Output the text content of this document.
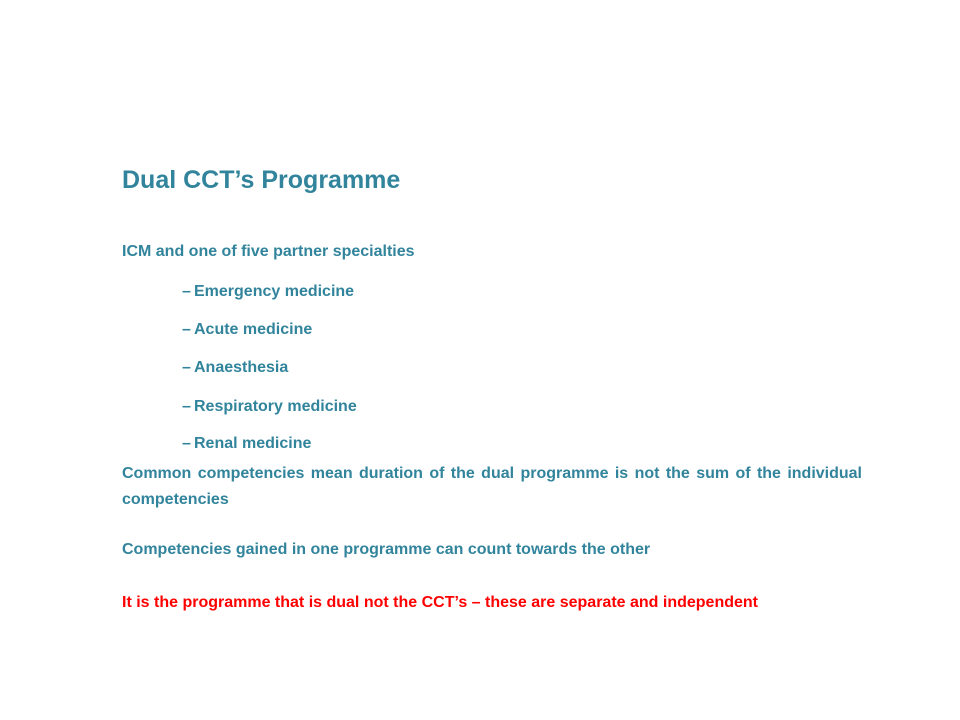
Dual CCT’s Programme
ICM and one of five partner specialties
– Emergency medicine
– Acute medicine
– Anaesthesia
– Respiratory medicine
– Renal medicine
Common competencies mean duration of the dual programme is not the sum of the individual competencies
Competencies gained in one programme can count towards the other
It is the programme that is dual not the CCT’s – these are separate and independent
